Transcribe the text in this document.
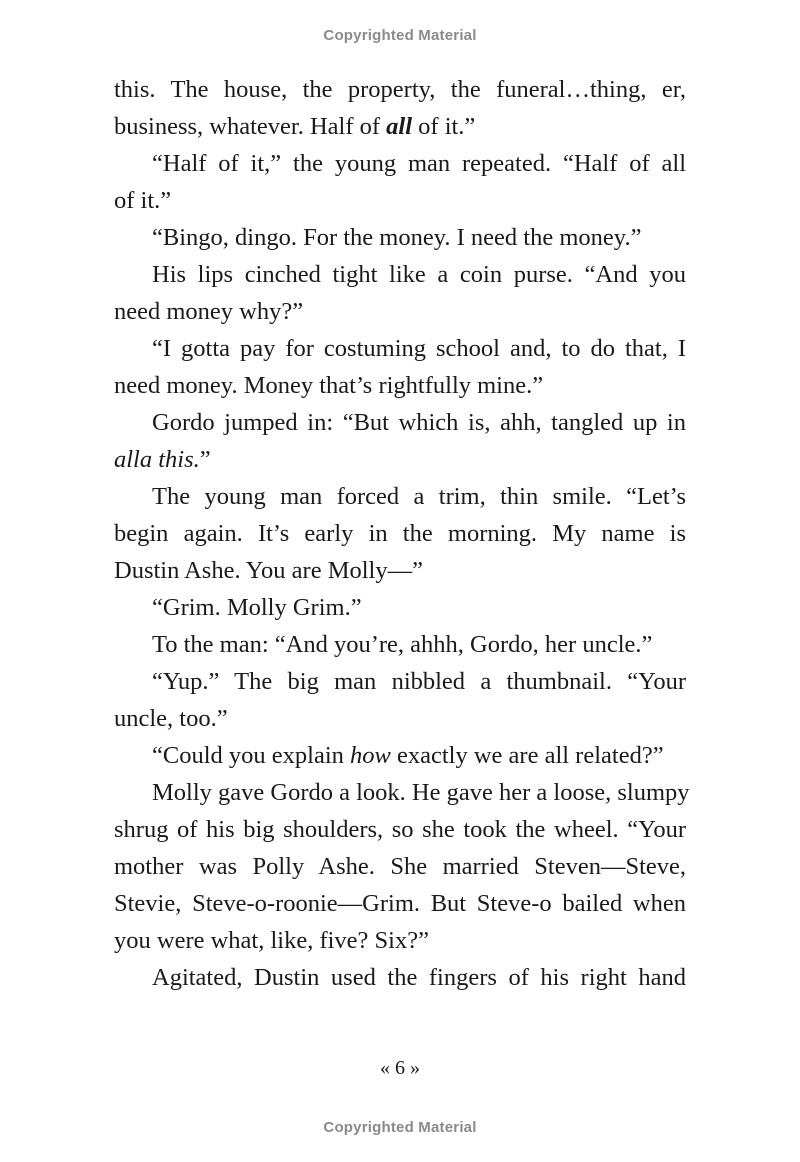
Copyrighted Material
this. The house, the property, the funeral…thing, er,
business, whatever. Half of all of it.”
“Half of it,” the young man repeated. “Half of all
of it.”
“Bingo, dingo. For the money. I need the money.”
His lips cinched tight like a coin purse. “And you
need money why?”
“I gotta pay for costuming school and, to do that, I
need money. Money that’s rightfully mine.”
Gordo jumped in: “But which is, ahh, tangled up in
alla this.”
The young man forced a trim, thin smile. “Let’s
begin again. It’s early in the morning. My name is
Dustin Ashe. You are Molly—”
“Grim. Molly Grim.”
To the man: “And you’re, ahhh, Gordo, her uncle.”
“Yup.” The big man nibbled a thumbnail. “Your
uncle, too.”
“Could you explain how exactly we are all related?”
Molly gave Gordo a look. He gave her a loose, slumpy
shrug of his big shoulders, so she took the wheel. “Your
mother was Polly Ashe. She married Steven—Steve,
Stevie, Steve-o-roonie—Grim. But Steve-o bailed when
you were what, like, five? Six?”
Agitated, Dustin used the fingers of his right hand
« 6 »
Copyrighted Material
